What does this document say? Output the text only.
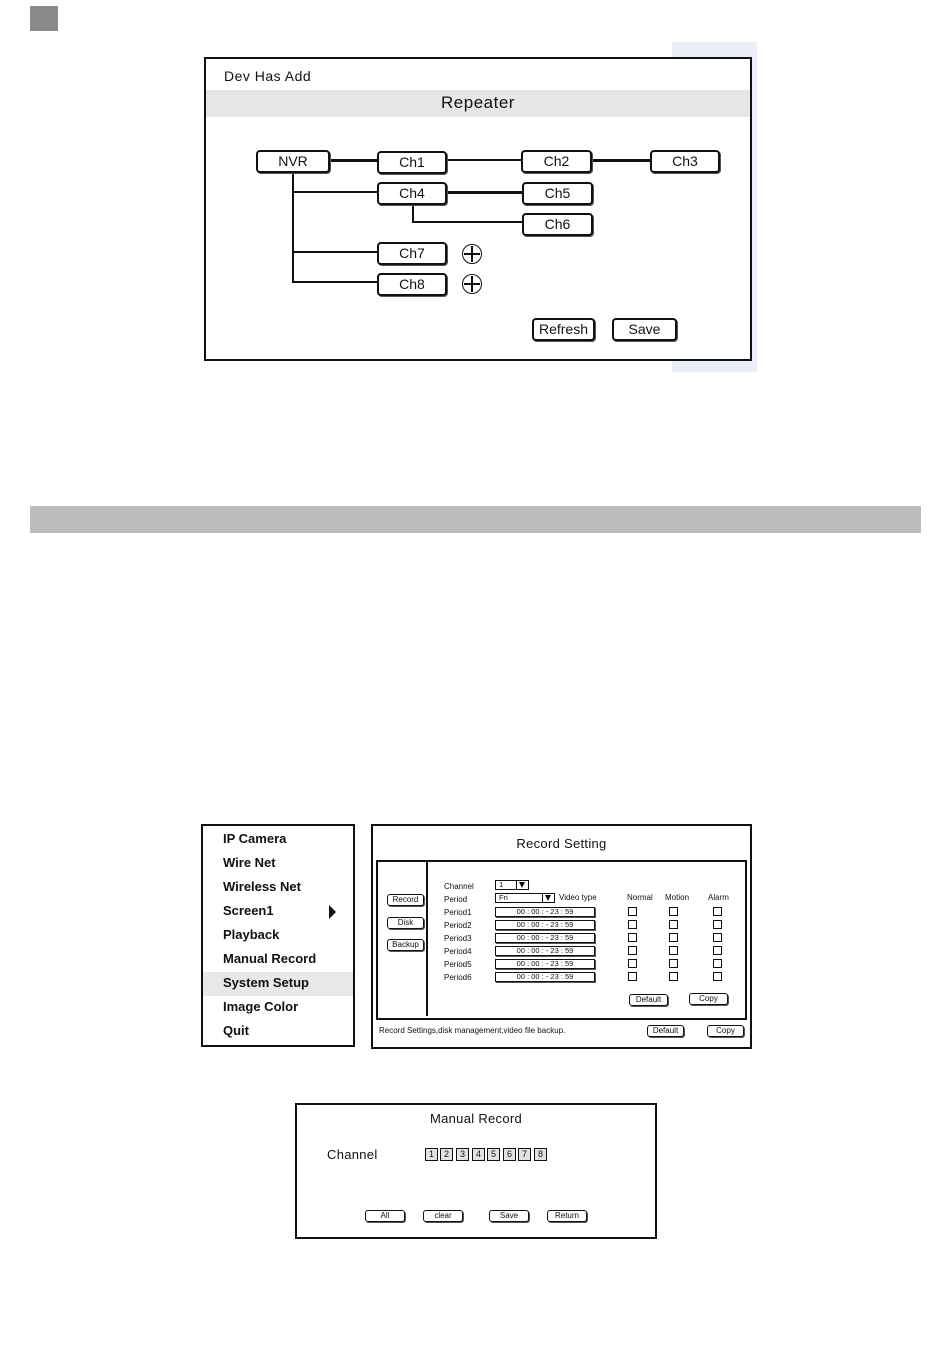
Dev Has Add
Repeater
NVR	Ch1	Ch2	Ch3
Ch4	Ch5
Ch6
Ch7
Ch8
Refresh	Save
IP Camera
Wire Net
Wireless Net
Screen1
Playback
Manual Record
System Setup
Image Color
Quit
Record Setting
Record
Disk
Backup
Channel	1
Period	Fri	Video type	Normal Motion Alarm
Period1	00 : 00 : - 23 : 59
Period2	00 : 00 : - 23 : 59
Period3	00 : 00 : - 23 : 59
Period4	00 : 00 : - 23 : 59
Period5	00 : 00 : - 23 : 59
Period6	00 : 00 : - 23 : 59
Default	Copy
Record Settings,disk management,video file backup.	Default	Copy
Manual Record
Channel	1	2	3	4	5	6	7	8
All	clear	Save	Return
